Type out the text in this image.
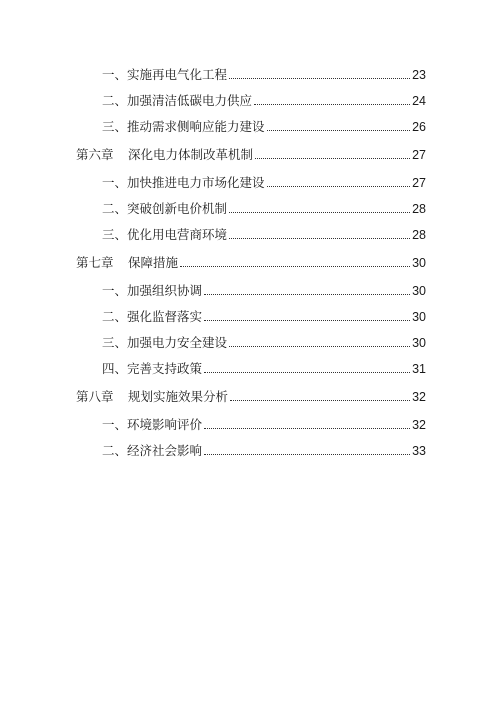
一、实施再电气化工程	23
二、加强清洁低碳电力供应	24
三、推动需求侧响应能力建设	26
第六章	深化电力体制改革机制	27
一、加快推进电力市场化建设	27
二、突破创新电价机制	28
三、优化用电营商环境	28
第七章	保障措施	30
一、加强组织协调	30
二、强化监督落实	30
三、加强电力安全建设	30
四、完善支持政策	31
第八章	规划实施效果分析	32
一、环境影响评价	32
二、经济社会影响	33
